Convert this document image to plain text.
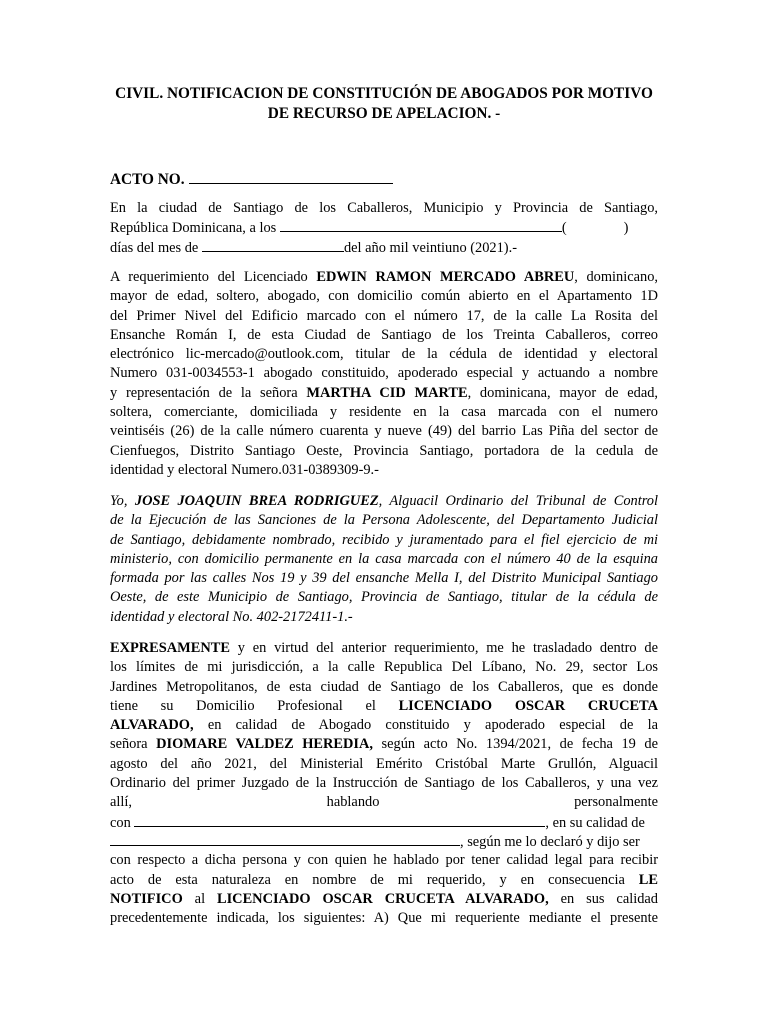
CIVIL. NOTIFICACION DE CONSTITUCIÓN DE ABOGADOS POR MOTIVO
DE RECURSO DE APELACION. -
ACTO NO.
En la ciudad de Santiago de los Caballeros, Municipio y Provincia de Santiago,
República Dominicana, a los	(	)
días del mes de	del año mil veintiuno (2021).-
A requerimiento del Licenciado EDWIN RAMON MERCADO ABREU, dominicano,
mayor de edad, soltero, abogado, con domicilio común abierto en el Apartamento 1D
del Primer Nivel del Edificio marcado con el número 17, de la calle La Rosita del
Ensanche Román I, de esta Ciudad de Santiago de los Treinta Caballeros, correo
electrónico lic-mercado@outlook.com, titular de la cédula de identidad y electoral
Numero 031-0034553-1 abogado constituido, apoderado especial y actuando a nombre
y representación de la señora MARTHA CID MARTE, dominicana, mayor de edad,
soltera, comerciante, domiciliada y residente en la casa marcada con el numero
veintiséis (26) de la calle número cuarenta y nueve (49) del barrio Las Piña del sector de
Cienfuegos, Distrito Santiago Oeste, Provincia Santiago, portadora de la cedula de
identidad y electoral Numero.031-0389309-9.-
Yo, JOSE JOAQUIN BREA RODRIGUEZ, Alguacil Ordinario del Tribunal de Control
de la Ejecución de las Sanciones de la Persona Adolescente, del Departamento Judicial
de Santiago, debidamente nombrado, recibido y juramentado para el fiel ejercicio de mi
ministerio, con domicilio permanente en la casa marcada con el número 40 de la esquina
formada por las calles Nos 19 y 39 del ensanche Mella I, del Distrito Municipal Santiago
Oeste, de este Municipio de Santiago, Provincia de Santiago, titular de la cédula de
identidad y electoral No. 402-2172411-1.-
EXPRESAMENTE y en virtud del anterior requerimiento, me he trasladado dentro de
los límites de mi jurisdicción, a la calle Republica Del Líbano, No. 29, sector Los
Jardines Metropolitanos, de esta ciudad de Santiago de los Caballeros, que es donde
tiene su Domicilio Profesional el LICENCIADO OSCAR CRUCETA
ALVARADO, en calidad de Abogado constituido y apoderado especial de la
señora DIOMARE VALDEZ HEREDIA, según acto No. 1394/2021, de fecha 19 de
agosto del año 2021, del Ministerial Emérito Cristóbal Marte Grullón, Alguacil
Ordinario del primer Juzgado de la Instrucción de Santiago de los Caballeros, y una vez
allí,	hablando	personalmente
con	, en su calidad de
, según me lo declaró y dijo ser
con respecto a dicha persona y con quien he hablado por tener calidad legal para recibir
acto de esta naturaleza en nombre de mi requerido, y en consecuencia LE
NOTIFICO al LICENCIADO OSCAR CRUCETA ALVARADO, en sus calidad
precedentemente indicada, los siguientes: A) Que mi requeriente mediante el presente
